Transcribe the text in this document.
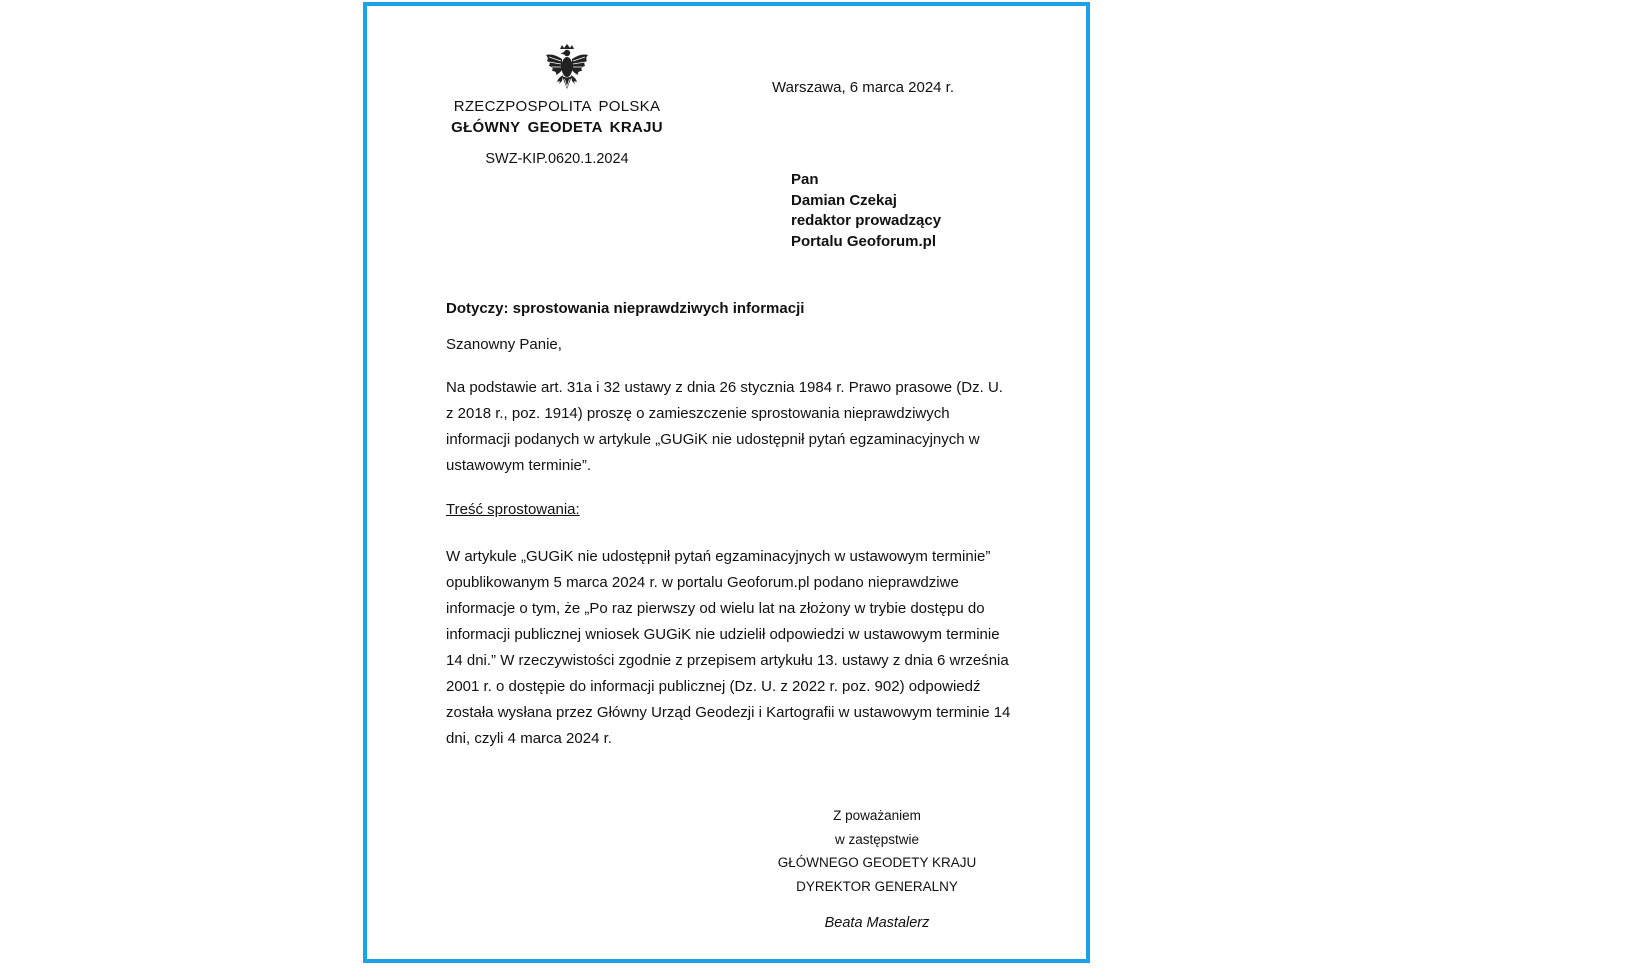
RZECZPOSPOLITA POLSKA
GŁÓWNY GEODETA KRAJU
SWZ-KIP.0620.1.2024
Warszawa, 6 marca 2024 r.
Pan
Damian Czekaj
redaktor prowadzący
Portalu Geoforum.pl
Dotyczy: sprostowania nieprawdziwych informacji
Szanowny Panie,
Na podstawie art. 31a i 32 ustawy z dnia 26 stycznia 1984 r. Prawo prasowe (Dz. U.
z 2018 r., poz. 1914) proszę o zamieszczenie sprostowania nieprawdziwych
informacji podanych w artykule „GUGiK nie udostępnił pytań egzaminacyjnych w
ustawowym terminie”.
Treść sprostowania:
W artykule „GUGiK nie udostępnił pytań egzaminacyjnych w ustawowym terminie”
opublikowanym 5 marca 2024 r. w portalu Geoforum.pl podano nieprawdziwe
informacje o tym, że „Po raz pierwszy od wielu lat na złożony w trybie dostępu do
informacji publicznej wniosek GUGiK nie udzielił odpowiedzi w ustawowym terminie
14 dni.” W rzeczywistości zgodnie z przepisem artykułu 13. ustawy z dnia 6 września
2001 r. o dostępie do informacji publicznej (Dz. U. z 2022 r. poz. 902) odpowiedź
została wysłana przez Główny Urząd Geodezji i Kartografii w ustawowym terminie 14
dni, czyli 4 marca 2024 r.
Z poważaniem
w zastępstwie
GŁÓWNEGO GEODETY KRAJU
DYREKTOR GENERALNY
Beata Mastalerz
